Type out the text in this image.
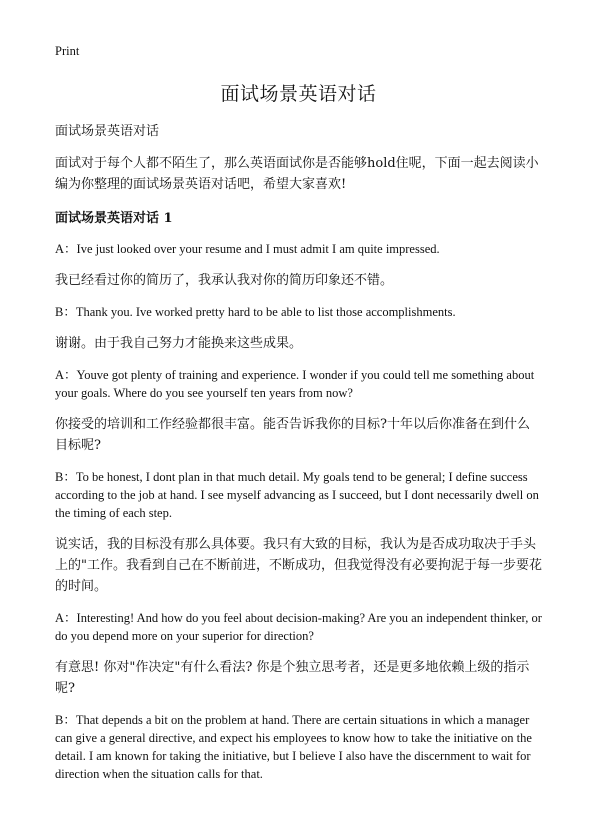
Print
面试场景英语对话
面试场景英语对话

面试对于每个人都不陌生了，那么英语面试你是否能够hold住呢，下面一起去阅读小编为你整理的面试场景英语对话吧，希望大家喜欢!

面试场景英语对话 1

A：Ive just looked over your resume and I must admit I am quite impressed.

我已经看过你的简历了，我承认我对你的简历印象还不错。

B：Thank you. Ive worked pretty hard to be able to list those accomplishments.

谢谢。由于我自己努力才能换来这些成果。

A：Youve got plenty of training and experience. I wonder if you could tell me something about your goals. Where do you see yourself ten years from now?

你接受的培训和工作经验都很丰富。能否告诉我你的目标?十年以后你准备在到什么目标呢?

B：To be honest, I dont plan in that much detail. My goals tend to be general; I define success according to the job at hand. I see myself advancing as I succeed, but I dont necessarily dwell on the timing of each step.

说实话，我的目标没有那么具体要。我只有大致的目标，我认为是否成功取决于手头上的"工作。我看到自己在不断前进，不断成功，但我觉得没有必要拘泥于每一步要花的时间。

A：Interesting! And how do you feel about decision-making? Are you an independent thinker, or do you depend more on your superior for direction?

有意思! 你对"作决定"有什么看法? 你是个独立思考者，还是更多地依赖上级的指示呢?

B：That depends a bit on the problem at hand. There are certain situations in which a manager can give a general directive, and expect his employees to know how to take the initiative on the detail. I am known for taking the initiative, but I believe I also have the discernment to wait for direction when the situation calls for that.
